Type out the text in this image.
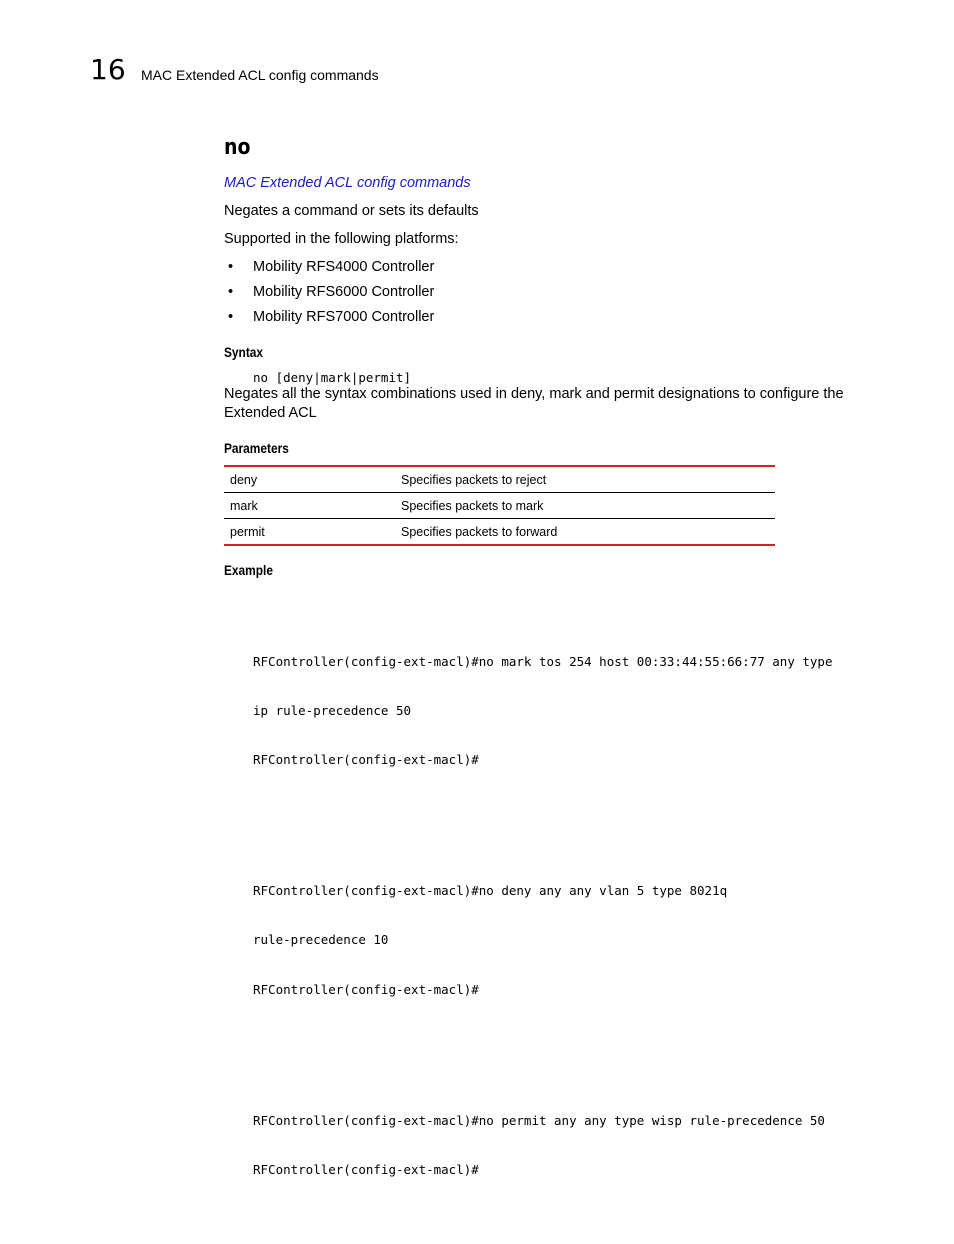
16 MAC Extended ACL config commands
no
MAC Extended ACL config commands
Negates a command or sets its defaults
Supported in the following platforms:
• Mobility RFS4000 Controller
• Mobility RFS6000 Controller
• Mobility RFS7000 Controller
Syntax
no [deny|mark|permit]
Negates all the syntax combinations used in deny, mark and permit designations to configure the Extended ACL
Parameters
deny	Specifies packets to reject
mark	Specifies packets to mark
permit	Specifies packets to forward
Example

RFController(config-ext-macl)#no mark tos 254 host 00:33:44:55:66:77 any type

ip rule-precedence 50

RFController(config-ext-macl)#

RFController(config-ext-macl)#no deny any any vlan 5 type 8021q

rule-precedence 10

RFController(config-ext-macl)#

RFController(config-ext-macl)#no permit any any type wisp rule-precedence 50

RFController(config-ext-macl)#
